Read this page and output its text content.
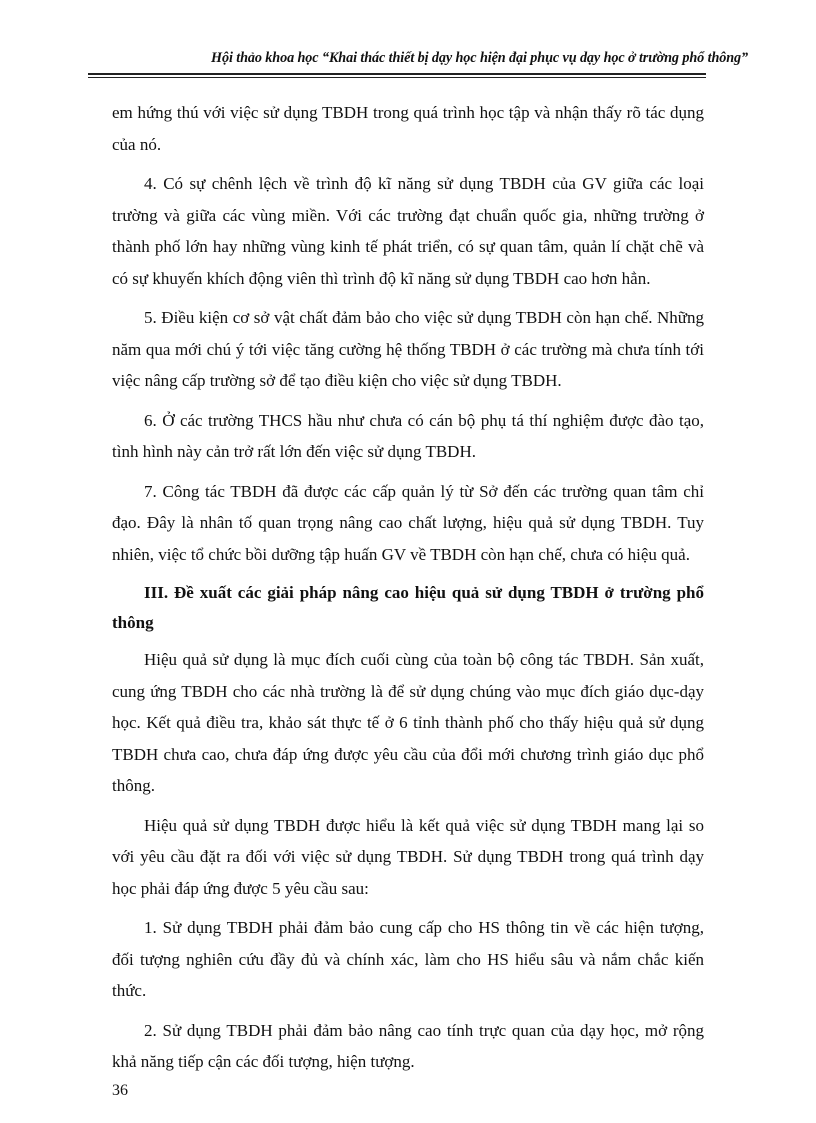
Hội thảo khoa học “Khai thác thiết bị dạy học hiện đại phục vụ dạy học ở trường phổ thông”

em hứng thú với việc sử dụng TBDH trong quá trình học tập và nhận thấy rõ tác dụng của nó.

4. Có sự chênh lệch về trình độ kĩ năng sử dụng TBDH của GV giữa các loại trường và giữa các vùng miền. Với các trường đạt chuẩn quốc gia, những trường ở thành phố lớn hay những vùng kinh tế phát triển, có sự quan tâm, quản lí chặt chẽ và có sự khuyến khích động viên thì trình độ kĩ năng sử dụng TBDH cao hơn hẳn.

5. Điều kiện cơ sở vật chất đảm bảo cho việc sử dụng TBDH còn hạn chế. Những năm qua mới chú ý tới việc tăng cường hệ thống TBDH ở các trường mà chưa tính tới việc nâng cấp trường sở để tạo điều kiện cho việc sử dụng TBDH.

6. Ở các trường THCS hầu như chưa có cán bộ phụ tá thí nghiệm được đào tạo, tình hình này cản trở rất lớn đến việc sử dụng TBDH.

7. Công tác TBDH đã được các cấp quản lý từ Sở đến các trường quan tâm chỉ đạo. Đây là nhân tố quan trọng nâng cao chất lượng, hiệu quả sử dụng TBDH. Tuy nhiên, việc tổ chức bồi dưỡng tập huấn GV về TBDH còn hạn chế, chưa có hiệu quả.

III. Đề xuất các giải pháp nâng cao hiệu quả sử dụng TBDH ở trường phổ thông

Hiệu quả sử dụng là mục đích cuối cùng của toàn bộ công tác TBDH. Sản xuất, cung ứng TBDH cho các nhà trường là để sử dụng chúng vào mục đích giáo dục-dạy học. Kết quả điều tra, khảo sát thực tế ở 6 tỉnh thành phố cho thấy hiệu quả sử dụng TBDH chưa cao, chưa đáp ứng được yêu cầu của đổi mới chương trình giáo dục phổ thông.

Hiệu quả sử dụng TBDH được hiểu là kết quả việc sử dụng TBDH mang lại so với yêu cầu đặt ra đối với việc sử dụng TBDH. Sử dụng TBDH trong quá trình dạy học phải đáp ứng được 5 yêu cầu sau:

1. Sử dụng TBDH phải đảm bảo cung cấp cho HS thông tin về các hiện tượng, đối tượng nghiên cứu đầy đủ và chính xác, làm cho HS hiểu sâu và nắm chắc kiến thức.

2. Sử dụng TBDH phải đảm bảo nâng cao tính trực quan của dạy học, mở rộng khả năng tiếp cận các đối tượng, hiện tượng.

36
